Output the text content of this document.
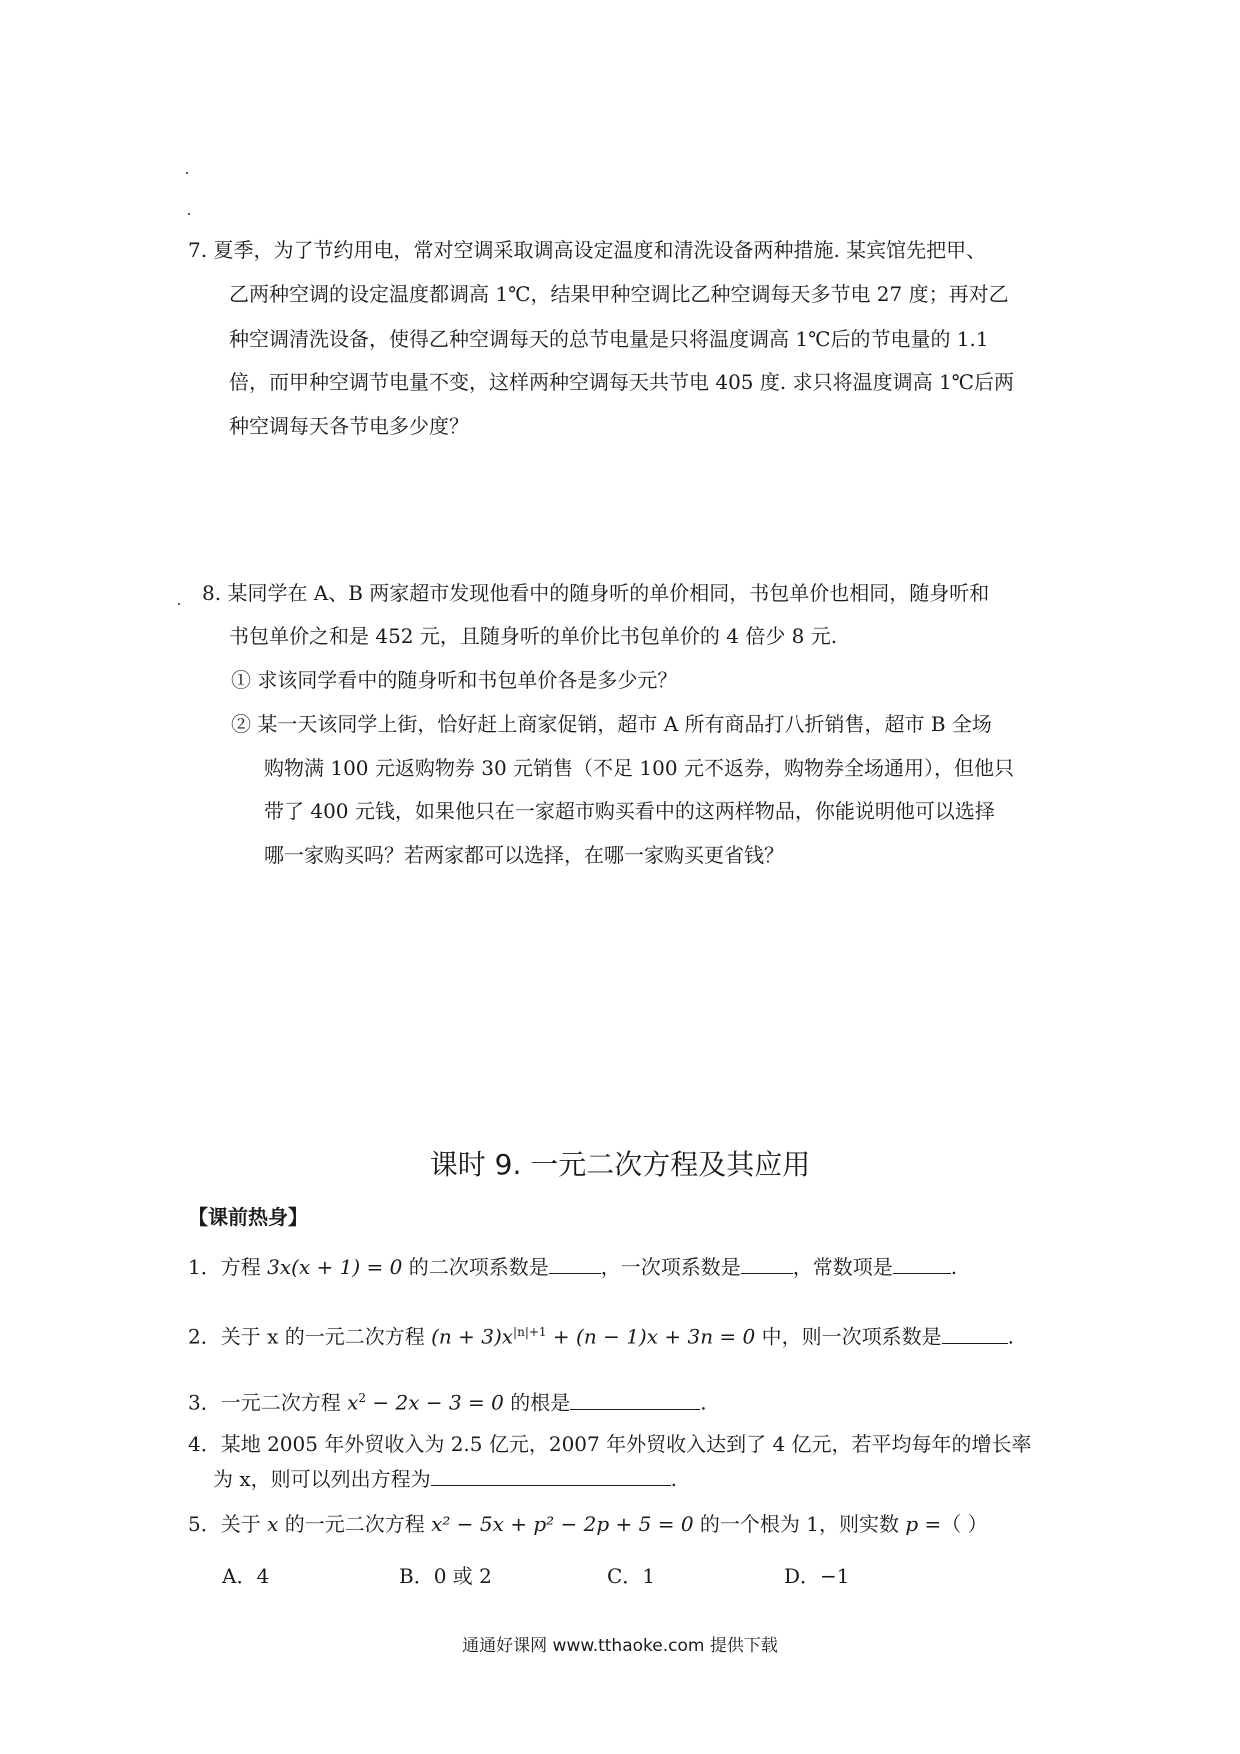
7. 夏季，为了节约用电，常对空调采取调高设定温度和清洗设备两种措施. 某宾馆先把甲、
乙两种空调的设定温度都调高 1℃，结果甲种空调比乙种空调每天多节电 27 度；再对乙
种空调清洗设备，使得乙种空调每天的总节电量是只将温度调高 1℃后的节电量的 1.1
倍，而甲种空调节电量不变，这样两种空调每天共节电 405 度. 求只将温度调高 1℃后两
种空调每天各节电多少度？
8. 某同学在 A、B 两家超市发现他看中的随身听的单价相同，书包单价也相同，随身听和
书包单价之和是 452 元，且随身听的单价比书包单价的 4 倍少 8 元.
① 求该同学看中的随身听和书包单价各是多少元？
② 某一天该同学上街，恰好赶上商家促销，超市 A 所有商品打八折销售，超市 B 全场
购物满 100 元返购物券 30 元销售（不足 100 元不返券，购物券全场通用），但他只
带了 400 元钱，如果他只在一家超市购买看中的这两样物品，你能说明他可以选择
哪一家购买吗？若两家都可以选择，在哪一家购买更省钱？
课时 9. 一元二次方程及其应用
【课前热身】
1．方程 3x(x + 1) = 0 的二次项系数是	，一次项系数是	，常数项是	.
2．关于 x 的一元二次方程 $(n + 3)x^{|n|+1} + (n - 1)x + 3n = 0$ 中，则一次项系数是	.
3．一元二次方程 $x^2 - 2x - 3 = 0$ 的根是	.
4．某地 2005 年外贸收入为 2.5 亿元，2007 年外贸收入达到了 4 亿元，若平均每年的增长率
为 x，则可以列出方程为	.
5．关于 x 的一元二次方程 x² − 5x + p² − 2p + 5 = 0 的一个根为 1，则实数 p =（ ）
A．4	B．0 或 2	C．1	D．−1
通通好课网 www.tthaoke.com 提供下载
